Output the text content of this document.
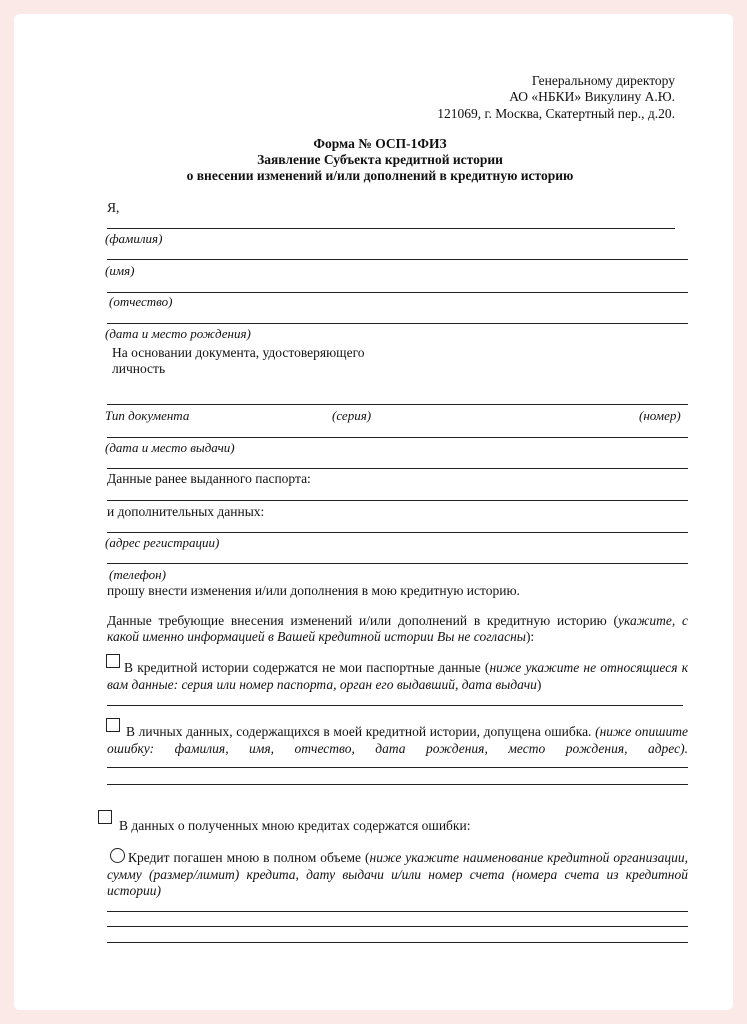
Генеральному директору
АО «НБКИ» Викулину А.Ю.
121069, г. Москва, Скатертный пер., д.20.
Форма № ОСП-1ФИЗ
Заявление Субъекта кредитной истории
о внесении изменений и/или дополнений в кредитную историю
Я,
(фамилия)
(имя)
(отчество)
(дата и место рождения)
На основании документа, удостоверяющего
личность
Тип документа	(серия)	(номер)
(дата и место выдачи)
Данные ранее выданного паспорта:
и дополнительных данных:
(адрес регистрации)
(телефон)
прошу внести изменения и/или дополнения в мою кредитную историю.
Данные требующие внесения изменений и/или дополнений в кредитную историю (укажите, с
какой именно информацией в Вашей кредитной истории Вы не согласны):
В кредитной истории содержатся не мои паспортные данные (ниже укажите не относящиеся к
вам данные: серия или номер паспорта, орган его выдавший, дата выдачи)
В личных данных, содержащихся в моей кредитной истории, допущена ошибка. (ниже опишите
ошибку: фамилия, имя, отчество, дата рождения, место рождения, адрес).
В данных о полученных мною кредитах содержатся ошибки:
Кредит погашен мною в полном объеме (ниже укажите наименование кредитной организации,
сумму (размер/лимит) кредита, дату выдачи и/или номер счета (номера счета из кредитной
истории)
